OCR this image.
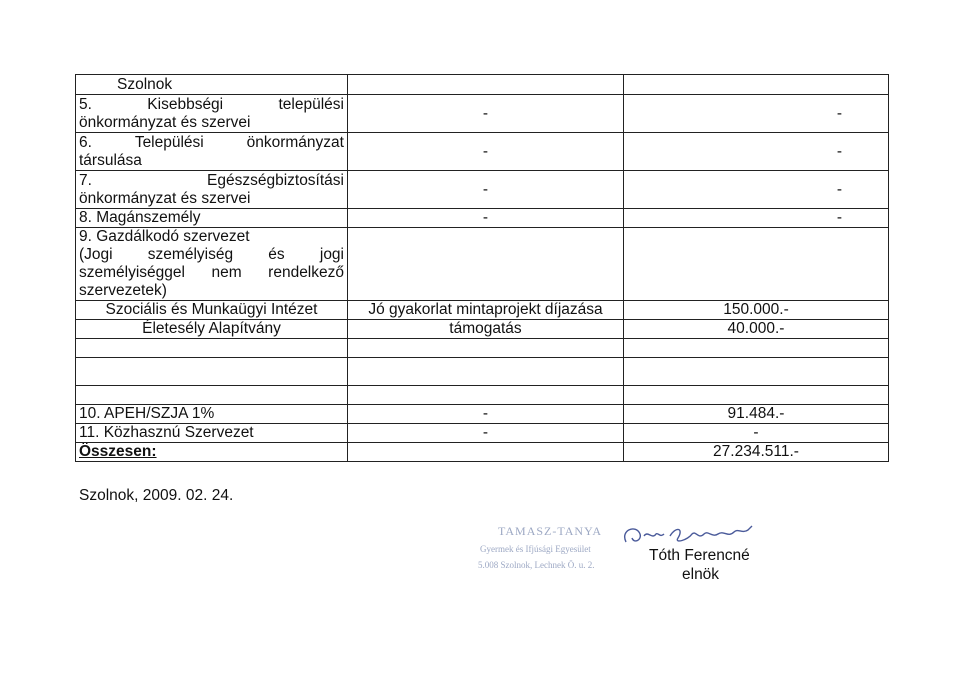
Szolnok		

5. Kisebbségi települési
önkormányzat és szervei	-	-

6. Települési önkormányzat
társulása	-	-

7. Egészségbiztosítási
önkormányzat és szervei	-	-
8. Magánszemély	-	-

9. Gazdálkodó szervezet
(Jogi személyiség és jogi személyiséggel nem rendelkező szervezetek)		

Szociális és Munkaügyi Intézet	Jó gyakorlat mintaprojekt díjazása	150.000.-
Életesély Alapítvány	támogatás	40.000.-

10. APEH/SZJA 1%	-	91.484.-
11. Közhasznú Szervezet	-	-
Összesen:		27.234.511.-
Szolnok, 2009. 02. 24.
TAMASZ-TANYA
Gyermek és Ifjúsági Egyesület
5.008 Szolnok, Lechnek Ö. u. 2.
Tóth Ferencné
elnök
